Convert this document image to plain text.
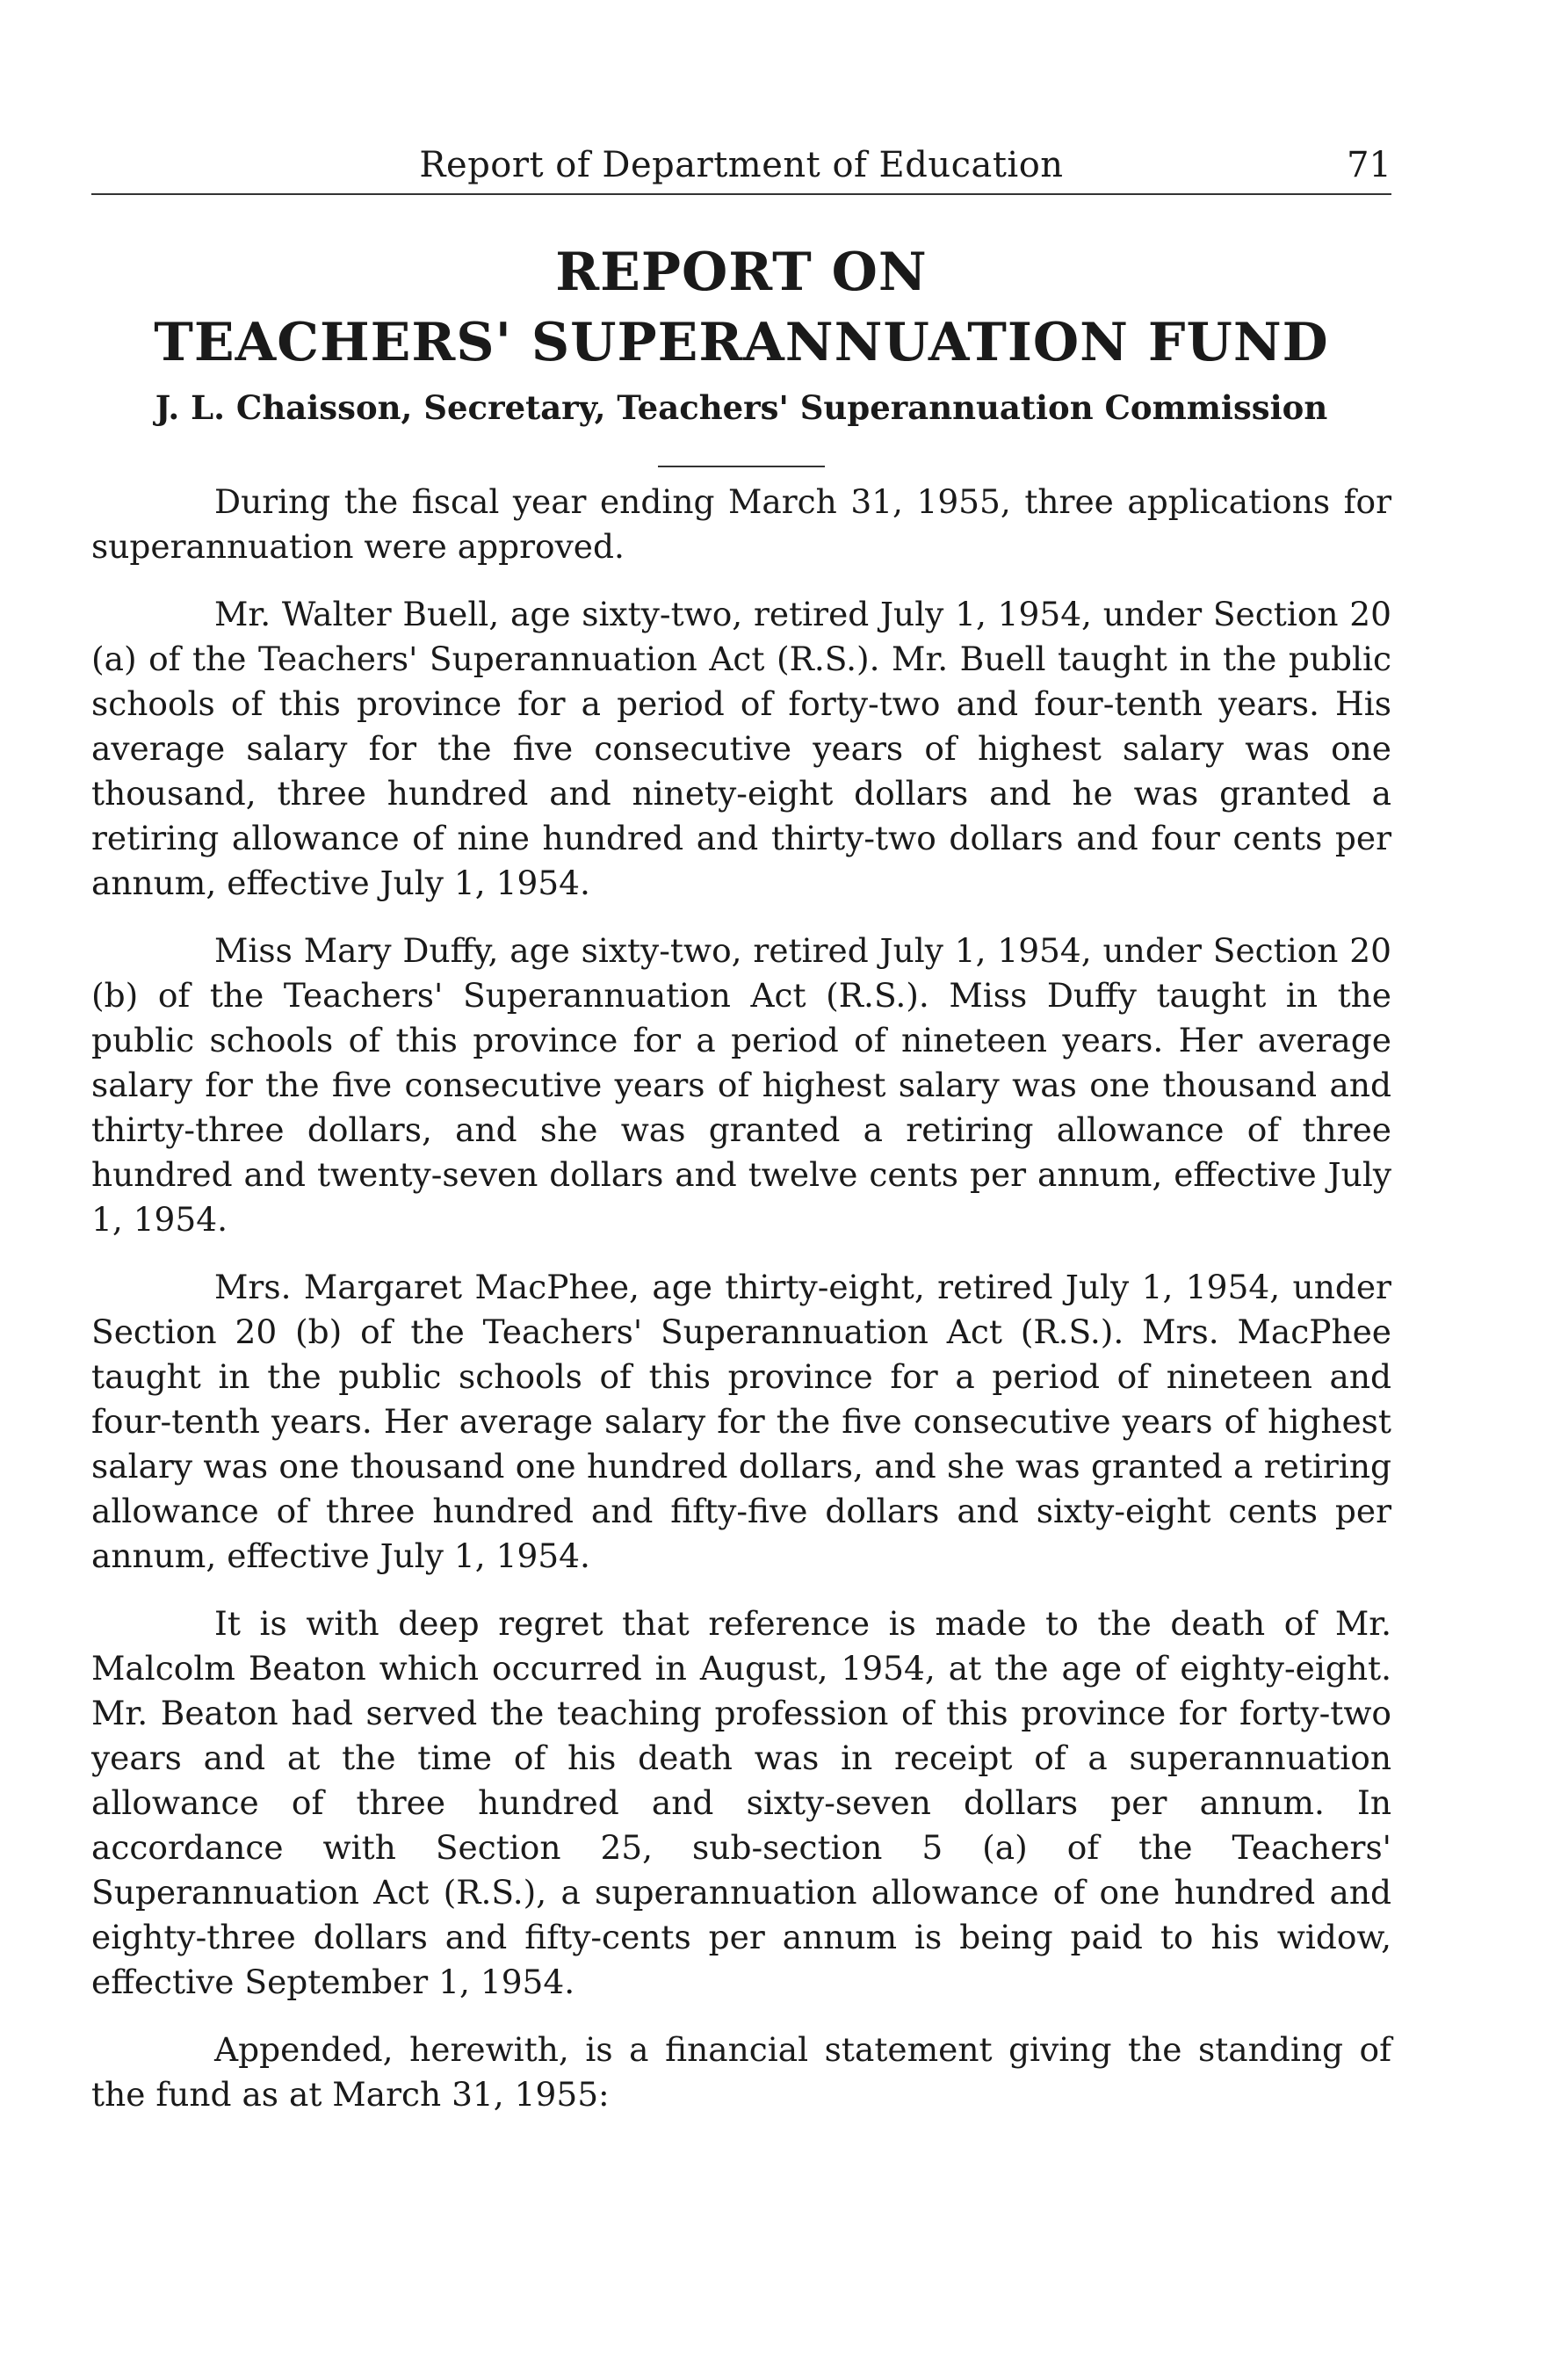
Report of Department of Education	71
REPORT ON
TEACHERS' SUPERANNUATION FUND
J. L. Chaisson, Secretary, Teachers' Superannuation Commission

During the fiscal year ending March 31, 1955, three applications for superannuation were approved.

Mr. Walter Buell, age sixty-two, retired July 1, 1954, under Section 20 (a) of the Teachers' Superannuation Act (R.S.). Mr. Buell taught in the public schools of this province for a period of forty-two and four-tenth years. His average salary for the five consecutive years of highest salary was one thousand, three hundred and ninety-eight dollars and he was granted a retiring allowance of nine hundred and thirty-two dollars and four cents per annum, effective July 1, 1954.

Miss Mary Duffy, age sixty-two, retired July 1, 1954, under Section 20 (b) of the Teachers' Superannuation Act (R.S.). Miss Duffy taught in the public schools of this province for a period of nineteen years. Her average salary for the five consecutive years of highest salary was one thousand and thirty-three dollars, and she was granted a retiring allowance of three hundred and twenty-seven dollars and twelve cents per annum, effective July 1, 1954.

Mrs. Margaret MacPhee, age thirty-eight, retired July 1, 1954, under Section 20 (b) of the Teachers' Superannuation Act (R.S.). Mrs. MacPhee taught in the public schools of this province for a period of nineteen and four-tenth years. Her average salary for the five consecutive years of highest salary was one thousand one hundred dollars, and she was granted a retiring allowance of three hundred and fifty-five dollars and sixty-eight cents per annum, effective July 1, 1954.

It is with deep regret that reference is made to the death of Mr. Malcolm Beaton which occurred in August, 1954, at the age of eighty-eight. Mr. Beaton had served the teaching profession of this province for forty-two years and at the time of his death was in receipt of a superannuation allowance of three hundred and sixty-seven dollars per annum. In accordance with Section 25, sub-section 5 (a) of the Teachers' Superannuation Act (R.S.), a superannuation allowance of one hundred and eighty-three dollars and fifty-cents per annum is being paid to his widow, effective September 1, 1954.

Appended, herewith, is a financial statement giving the standing of the fund as at March 31, 1955:
